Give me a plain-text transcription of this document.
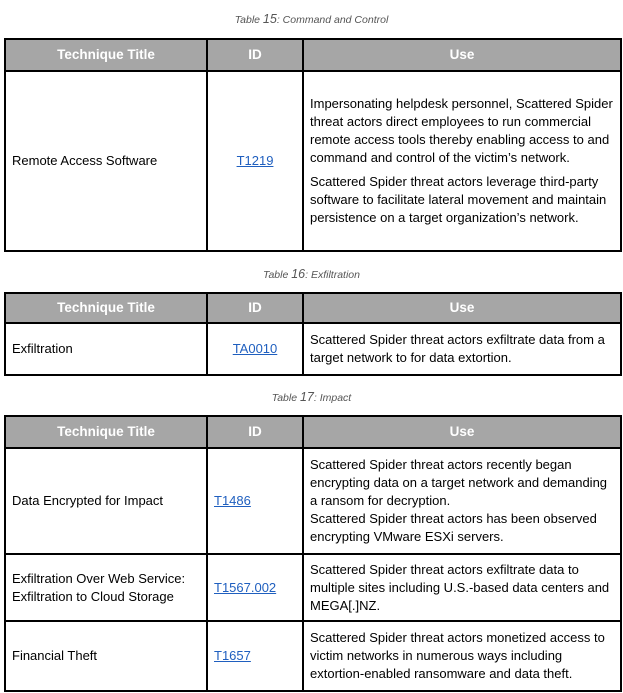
Table 15: Command and Control
Technique Title	ID	Use
Remote Access Software	T1219	Impersonating helpdesk personnel, Scattered Spider threat actors direct employees to run commercial remote access tools thereby enabling access to and command and control of the victim’s network.

Scattered Spider threat actors leverage third-party software to facilitate lateral movement and maintain persistence on a target organization’s network.

Table 16: Exfiltration
Technique Title	ID	Use
Exfiltration	TA0010	Scattered Spider threat actors exfiltrate data from a target network to for data extortion.

Table 17: Impact
Technique Title	ID	Use
Data Encrypted for Impact	T1486	Scattered Spider threat actors recently began encrypting data on a target network and demanding a ransom for decryption.

Scattered Spider threat actors has been observed encrypting VMware ESXi servers.

Exfiltration Over Web Service: Exfiltration to Cloud Storage	T1567.002	Scattered Spider threat actors exfiltrate data to multiple sites including U.S.-based data centers and MEGA[.]NZ.

Financial Theft	T1657	Scattered Spider threat actors monetized access to victim networks in numerous ways including extortion-enabled ransomware and data theft.
